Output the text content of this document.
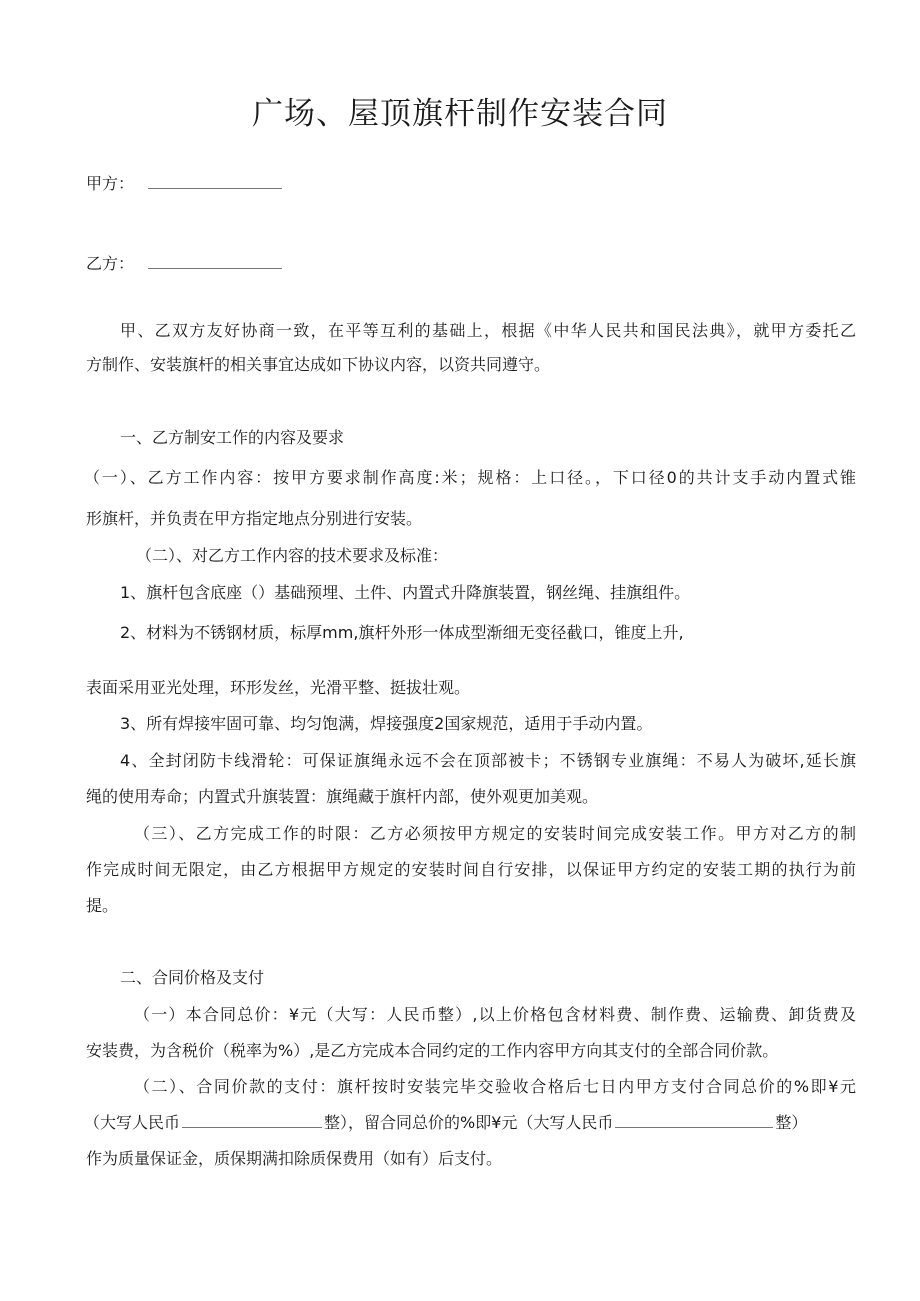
广场、屋顶旗杆制作安装合同
甲方：
乙方：
甲、乙双方友好协商一致，在平等互利的基础上，根据《中华人民共和国民法典》，就甲方委托乙
方制作、安装旗杆的相关事宜达成如下协议内容，以资共同遵守。
一、乙方制安工作的内容及要求
（一）、乙方工作内容：按甲方要求制作高度:米；规格：上口径。，下口径0的共计支手动内置式锥
形旗杆，并负责在甲方指定地点分别进行安装。
（二）、对乙方工作内容的技术要求及标准：
1、旗杆包含底座（）基础预埋、土件、内置式升降旗装置，钢丝绳、挂旗组件。
2、材料为不锈钢材质，标厚mm,旗杆外形一体成型渐细无变径截口，锥度上升,
表面采用亚光处理，环形发丝，光滑平整、挺拔壮观。
3、所有焊接牢固可靠、均匀饱满，焊接强度2国家规范，适用于手动内置。
4、全封闭防卡线滑轮：可保证旗绳永远不会在顶部被卡；不锈钢专业旗绳：不易人为破坏,延长旗
绳的使用寿命；内置式升旗装置：旗绳藏于旗杆内部，使外观更加美观。
（三）、乙方完成工作的时限：乙方必须按甲方规定的安装时间完成安装工作。甲方对乙方的制
作完成时间无限定，由乙方根据甲方规定的安装时间自行安排，以保证甲方约定的安装工期的执行为前
提。
二、合同价格及支付
（一）本合同总价：¥元（大写：人民币整）,以上价格包含材料费、制作费、运输费、卸货费及
安装费，为含税价（税率为%）,是乙方完成本合同约定的工作内容甲方向其支付的全部合同价款。
（二）、合同价款的支付：旗杆按时安装完毕交验收合格后七日内甲方支付合同总价的%即¥元
（大写人民币	整），留合同总价的%即¥元（大写人民币	整）
作为质量保证金，质保期满扣除质保费用（如有）后支付。
